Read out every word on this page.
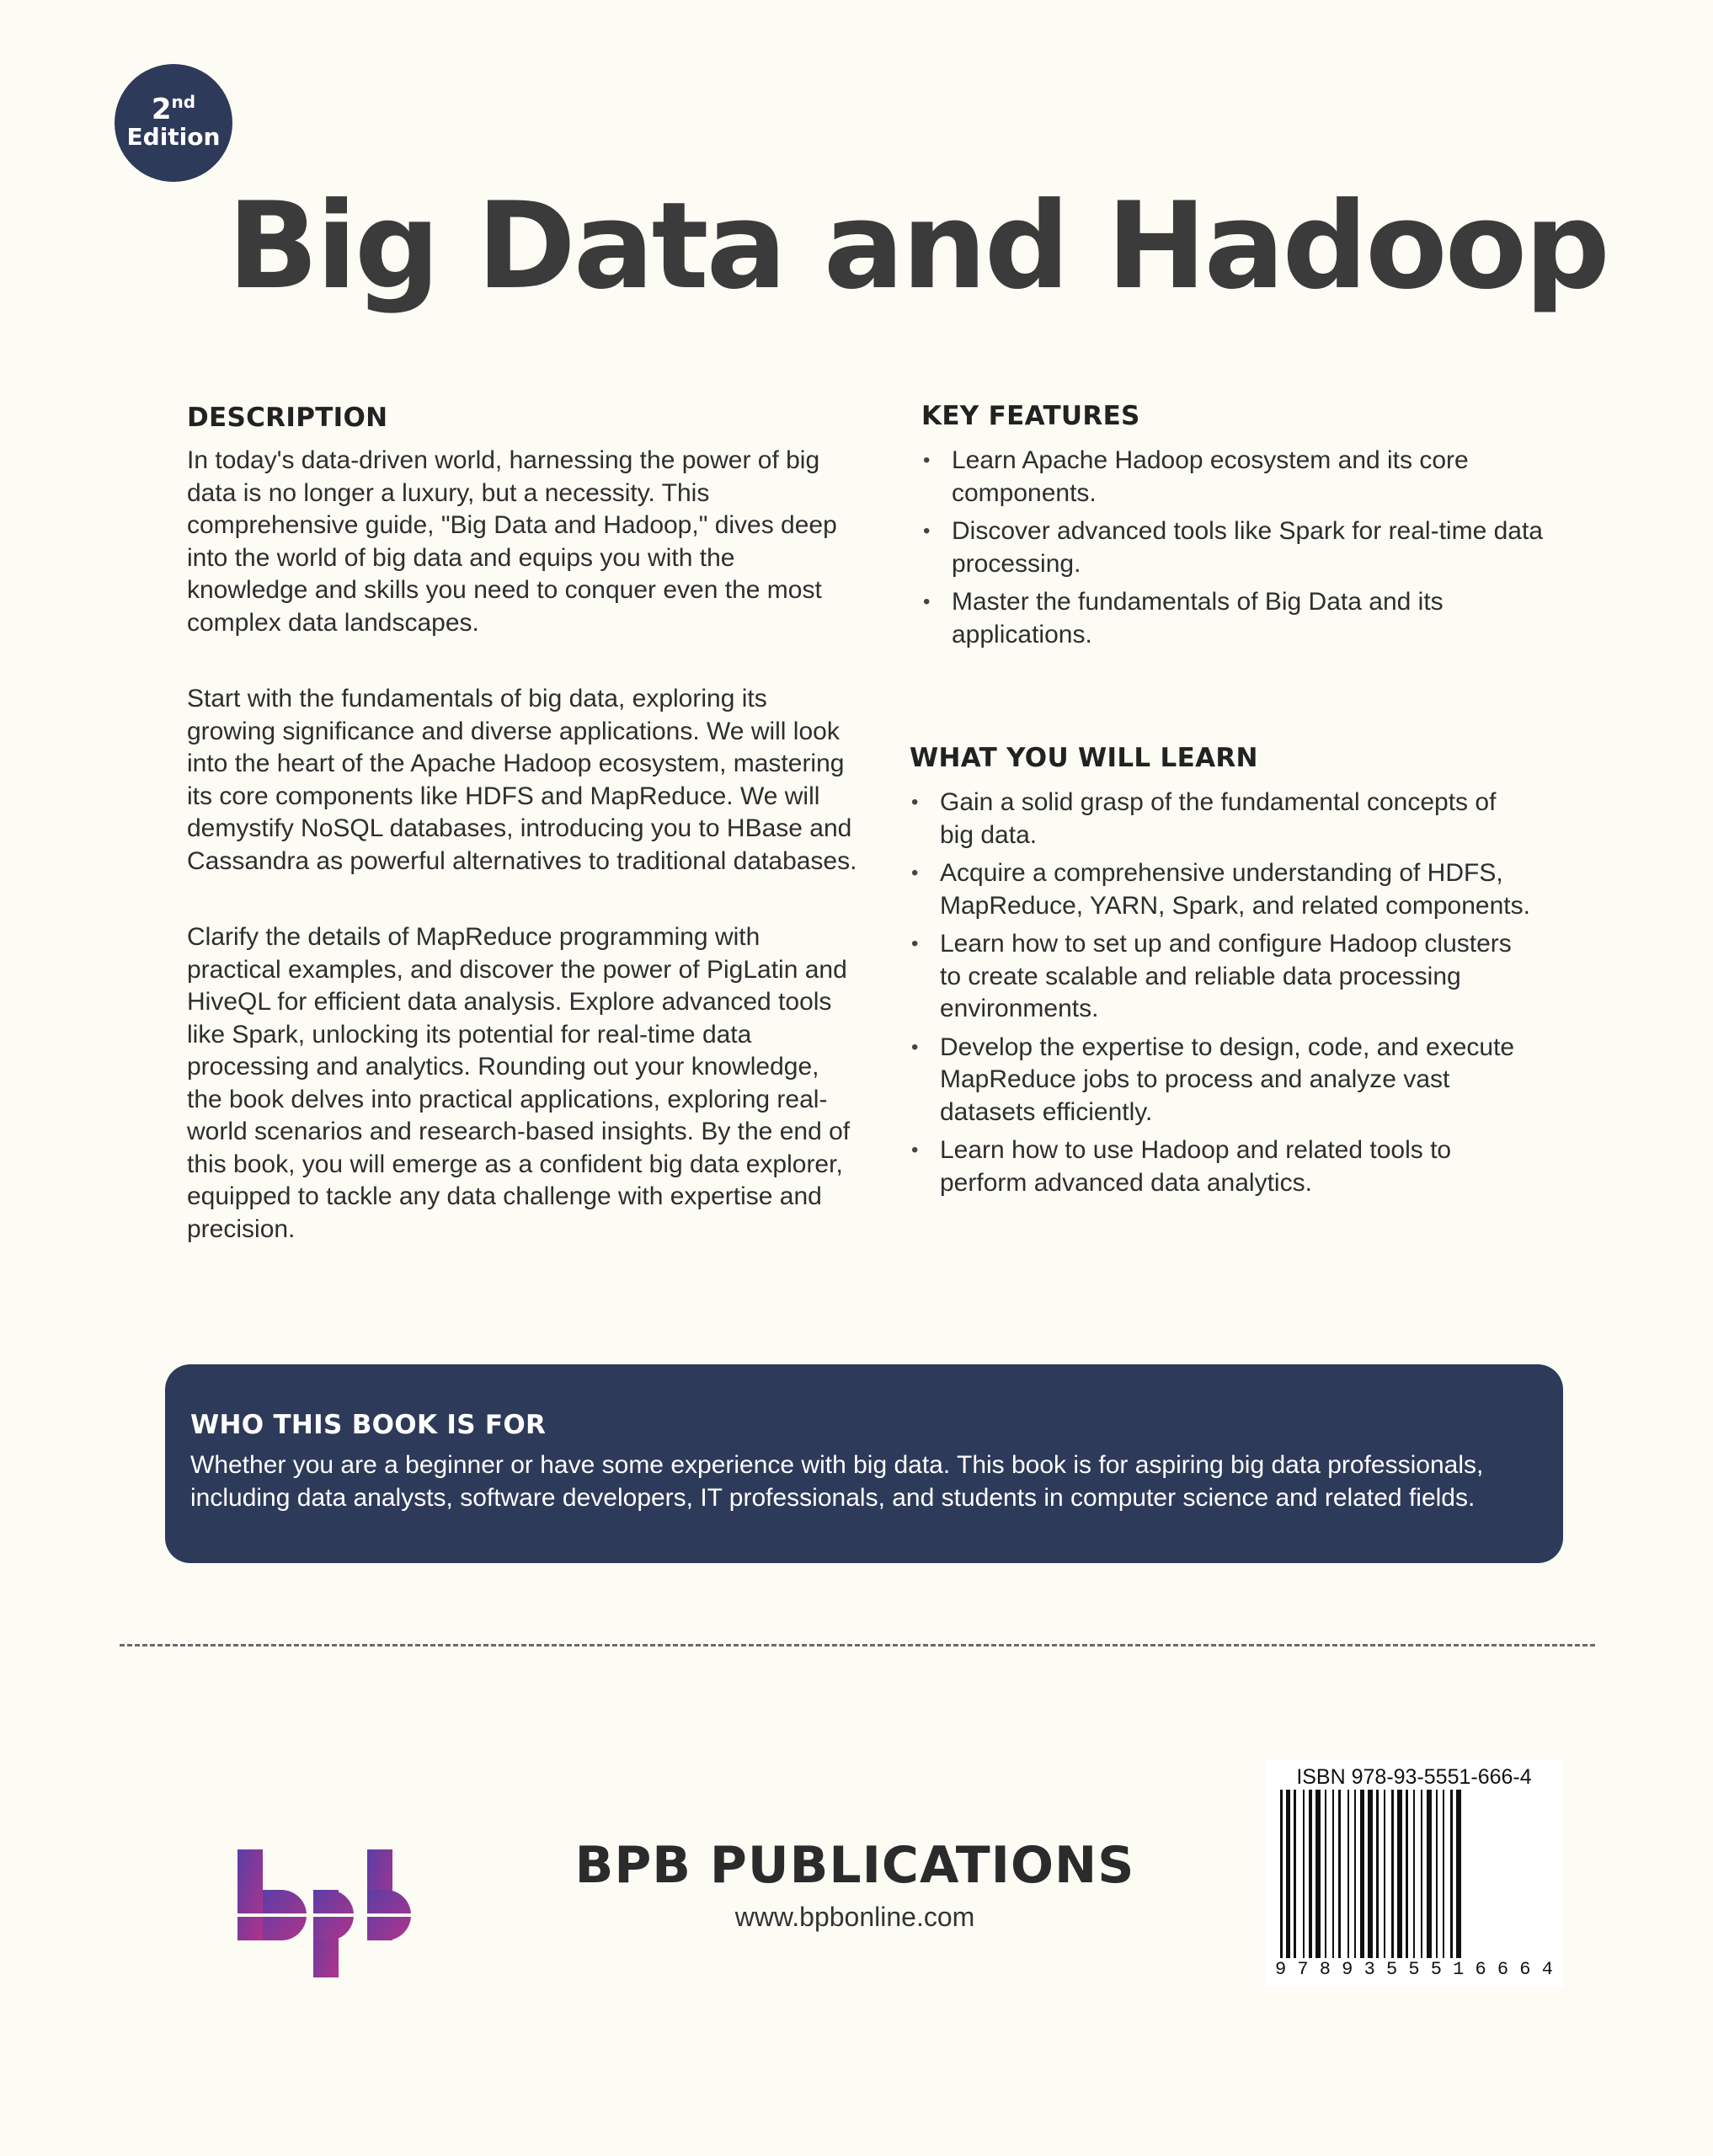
2nd
Edition
Big Data and Hadoop
DESCRIPTION

In today's data-driven world, harnessing the power of big data is no longer a luxury, but a necessity. This comprehensive guide, "Big Data and Hadoop," dives deep into the world of big data and equips you with the knowledge and skills you need to conquer even the most complex data landscapes.

Start with the fundamentals of big data, exploring its growing significance and diverse applications. We will look into the heart of the Apache Hadoop ecosystem, mastering its core components like HDFS and MapReduce. We will demystify NoSQL databases, introducing you to HBase and Cassandra as powerful alternatives to traditional databases.

Clarify the details of MapReduce programming with practical examples, and discover the power of PigLatin and HiveQL for efficient data analysis. Explore advanced tools like Spark, unlocking its potential for real-time data processing and analytics. Rounding out your knowledge, the book delves into practical applications, exploring real-world scenarios and research-based insights. By the end of this book, you will emerge as a confident big data explorer, equipped to tackle any data challenge with expertise and precision.

KEY FEATURES
• Learn Apache Hadoop ecosystem and its core components.
• Discover advanced tools like Spark for real-time data processing.
• Master the fundamentals of Big Data and its applications.
WHAT YOU WILL LEARN
• Gain a solid grasp of the fundamental concepts of big data.
• Acquire a comprehensive understanding of HDFS, MapReduce, YARN, Spark, and related components.
• Learn how to set up and configure Hadoop clusters to create scalable and reliable data processing environments.
• Develop the expertise to design, code, and execute MapReduce jobs to process and analyze vast datasets efficiently.
• Learn how to use Hadoop and related tools to perform advanced data analytics.
WHO THIS BOOK IS FOR

Whether you are a beginner or have some experience with big data. This book is for aspiring big data professionals, including data analysts, software developers, IT professionals, and students in computer science and related fields.

BPB PUBLICATIONS
www.bpbonline.com
ISBN 978-93-5551-666-4
9 7 8 9 3 5 5 5 1 6 6 6 4
